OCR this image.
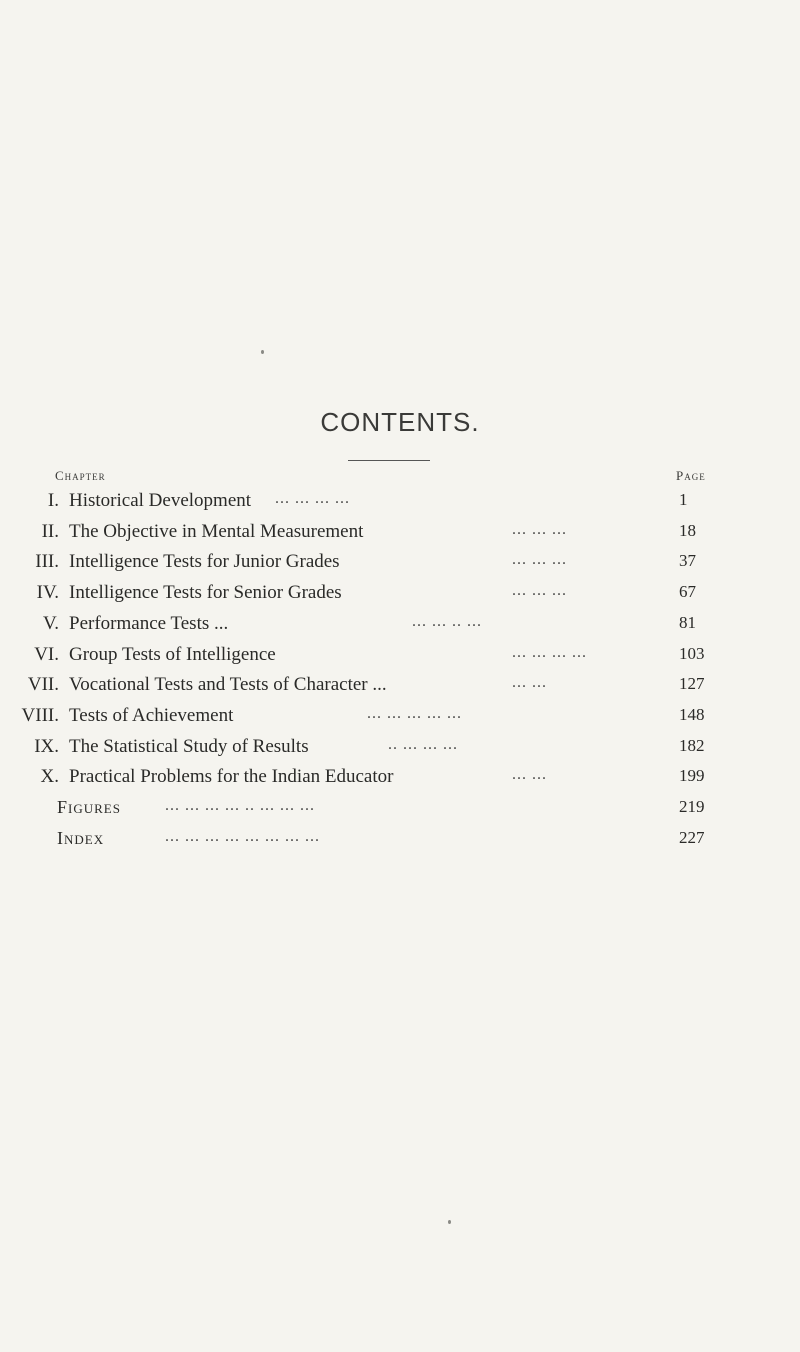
CONTENTS.
Chapter	Page
I. Historical Development ... ... ... ...	1
II. The Objective in Mental Measurement	... ... ...	18
III. Intelligence Tests for Junior Grades	... ... ...	37
IV. Intelligence Tests for Senior Grades	... ... ...	67
V. Performance Tests ...	... ... .. ...	81
VI. Group Tests of Intelligence	... ... ... ...	103
VII. Vocational Tests and Tests of Character ...	... ...	127
VIII. Tests of Achievement	... ... ... ... ...	148
IX. The Statistical Study of Results	.. ... ... ...	182
X. Practical Problems for the Indian Educator	... ...	199
Figures	... ... ... ... .. ... ... ...	219
Index	... ... ... ... ... ... ... ...	227
